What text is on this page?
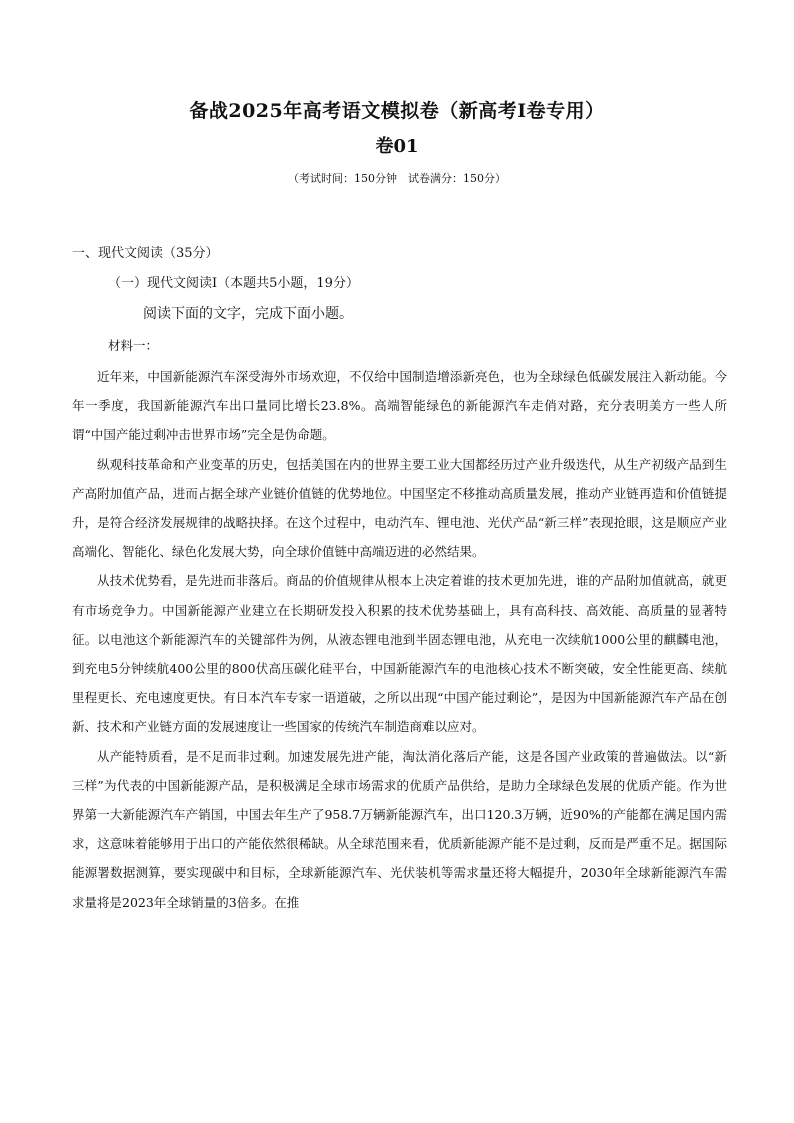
备战2025年高考语文模拟卷（新高考Ⅰ卷专用）
卷01
（考试时间：150分钟　试卷满分：150分）
一、现代文阅读（35分）
（一）现代文阅读Ⅰ（本题共5小题，19分）
阅读下面的文字，完成下面小题。
材料一：

近年来，中国新能源汽车深受海外市场欢迎，不仅给中国制造增添新亮色，也为全球绿色低碳发展注入新动能。今年一季度，我国新能源汽车出口量同比增长23.8%。高端智能绿色的新能源汽车走俏对路，充分表明美方一些人所谓“中国产能过剩冲击世界市场”完全是伪命题。

纵观科技革命和产业变革的历史，包括美国在内的世界主要工业大国都经历过产业升级迭代，从生产初级产品到生产高附加值产品，进而占据全球产业链价值链的优势地位。中国坚定不移推动高质量发展，推动产业链再造和价值链提升，是符合经济发展规律的战略抉择。在这个过程中，电动汽车、锂电池、光伏产品“新三样”表现抢眼，这是顺应产业高端化、智能化、绿色化发展大势，向全球价值链中高端迈进的必然结果。

从技术优势看，是先进而非落后。商品的价值规律从根本上决定着谁的技术更加先进，谁的产品附加值就高，就更有市场竞争力。中国新能源产业建立在长期研发投入积累的技术优势基础上，具有高科技、高效能、高质量的显著特征。以电池这个新能源汽车的关键部件为例，从液态锂电池到半固态锂电池，从充电一次续航1000公里的麒麟电池，到充电5分钟续航400公里的800伏高压碳化硅平台，中国新能源汽车的电池核心技术不断突破，安全性能更高、续航里程更长、充电速度更快。有日本汽车专家一语道破，之所以出现“中国产能过剩论”，是因为中国新能源汽车产品在创新、技术和产业链方面的发展速度让一些国家的传统汽车制造商难以应对。

从产能特质看，是不足而非过剩。加速发展先进产能，淘汰消化落后产能，这是各国产业政策的普遍做法。以“新三样”为代表的中国新能源产品，是积极满足全球市场需求的优质产品供给，是助力全球绿色发展的优质产能。作为世界第一大新能源汽车产销国，中国去年生产了958.7万辆新能源汽车，出口120.3万辆，近90%的产能都在满足国内需求，这意味着能够用于出口的产能依然很稀缺。从全球范围来看，优质新能源产能不是过剩，反而是严重不足。据国际能源署数据测算，要实现碳中和目标，全球新能源汽车、光伏装机等需求量还将大幅提升，2030年全球新能源汽车需求量将是2023年全球销量的3倍多。在推
